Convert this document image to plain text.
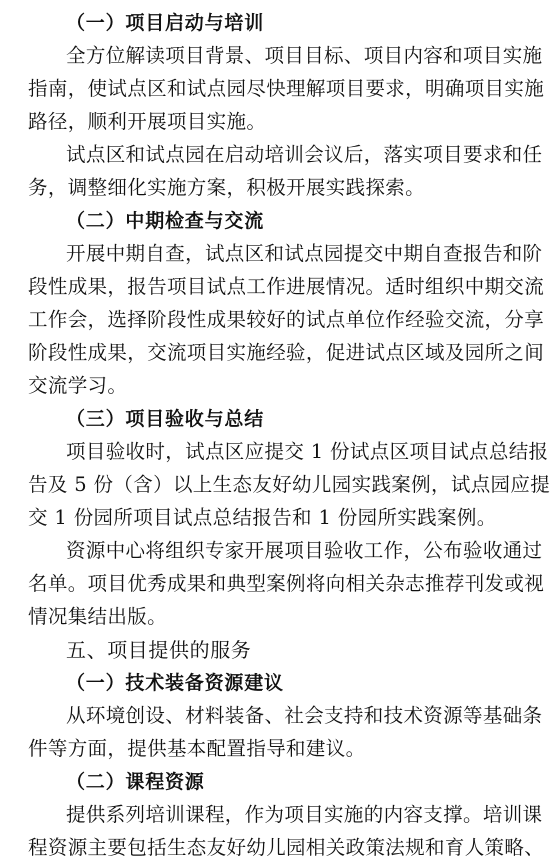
（一）项目启动与培训
全方位解读项目背景、项目目标、项目内容和项目实施
指南，使试点区和试点园尽快理解项目要求，明确项目实施
路径，顺利开展项目实施。
试点区和试点园在启动培训会议后，落实项目要求和任
务，调整细化实施方案，积极开展实践探索。
（二）中期检查与交流
开展中期自查，试点区和试点园提交中期自查报告和阶
段性成果，报告项目试点工作进展情况。适时组织中期交流
工作会，选择阶段性成果较好的试点单位作经验交流，分享
阶段性成果，交流项目实施经验，促进试点区域及园所之间
交流学习。
（三）项目验收与总结
项目验收时，试点区应提交 1 份试点区项目试点总结报
告及 5 份（含）以上生态友好幼儿园实践案例，试点园应提
交 1 份园所项目试点总结报告和 1 份园所实践案例。
资源中心将组织专家开展项目验收工作，公布验收通过
名单。项目优秀成果和典型案例将向相关杂志推荐刊发或视
情况集结出版。
五、项目提供的服务
（一）技术装备资源建议
从环境创设、材料装备、社会支持和技术资源等基础条
件等方面，提供基本配置指导和建议。
（二）课程资源
提供系列培训课程，作为项目实施的内容支撑。培训课
程资源主要包括生态友好幼儿园相关政策法规和育人策略、
